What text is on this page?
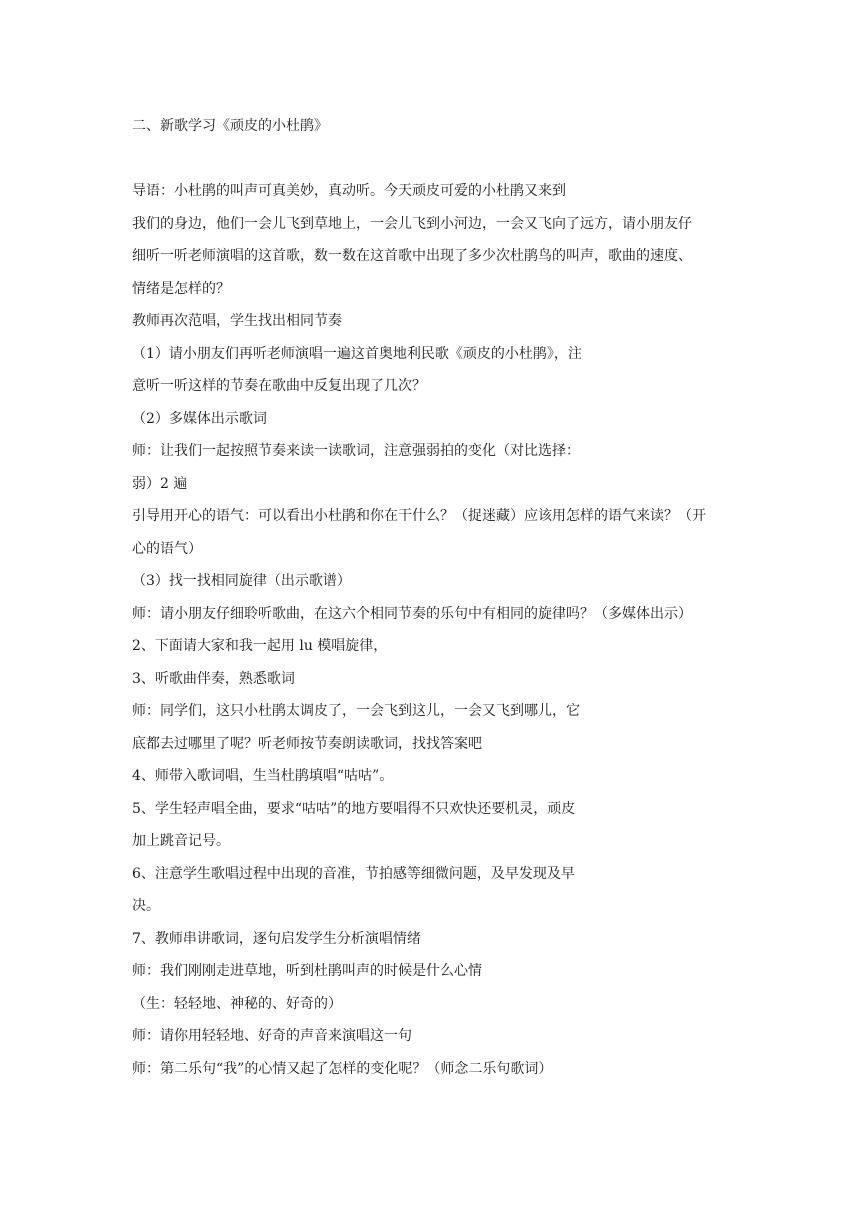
二、新歌学习《顽皮的小杜鹃》
导语：小杜鹃的叫声可真美妙，真动听。今天顽皮可爱的小杜鹃又来到
我们的身边，他们一会儿飞到草地上，一会儿飞到小河边，一会又飞向了远方，请小朋友仔
细听一听老师演唱的这首歌，数一数在这首歌中出现了多少次杜鹃鸟的叫声，歌曲的速度、
情绪是怎样的？
教师再次范唱，学生找出相同节奏
（1）请小朋友们再听老师演唱一遍这首奥地利民歌《顽皮的小杜鹃》，注
意听一听这样的节奏在歌曲中反复出现了几次？
（2）多媒体出示歌词
师：让我们一起按照节奏来读一读歌词，注意强弱拍的变化（对比选择：
弱）2 遍
引导用开心的语气：可以看出小杜鹃和你在干什么？（捉迷藏）应该用怎样的语气来读？（开
心的语气）
（3）找一找相同旋律（出示歌谱）
师：请小朋友仔细聆听歌曲，在这六个相同节奏的乐句中有相同的旋律吗？（多媒体出示）
2、下面请大家和我一起用 lu 模唱旋律，
3、听歌曲伴奏，熟悉歌词
师：同学们，这只小杜鹃太调皮了，一会飞到这儿，一会又飞到哪儿，它
底都去过哪里了呢？听老师按节奏朗读歌词，找找答案吧
4、师带入歌词唱，生当杜鹃填唱“咕咕”。
5、学生轻声唱全曲，要求“咕咕”的地方要唱得不只欢快还要机灵，顽皮
加上跳音记号。
6、注意学生歌唱过程中出现的音准，节拍感等细微问题，及早发现及早
决。
7、教师串讲歌词，逐句启发学生分析演唱情绪
师：我们刚刚走进草地，听到杜鹃叫声的时候是什么心情
（生：轻轻地、神秘的、好奇的）
师：请你用轻轻地、好奇的声音来演唱这一句
师：第二乐句“我”的心情又起了怎样的变化呢？（师念二乐句歌词）
